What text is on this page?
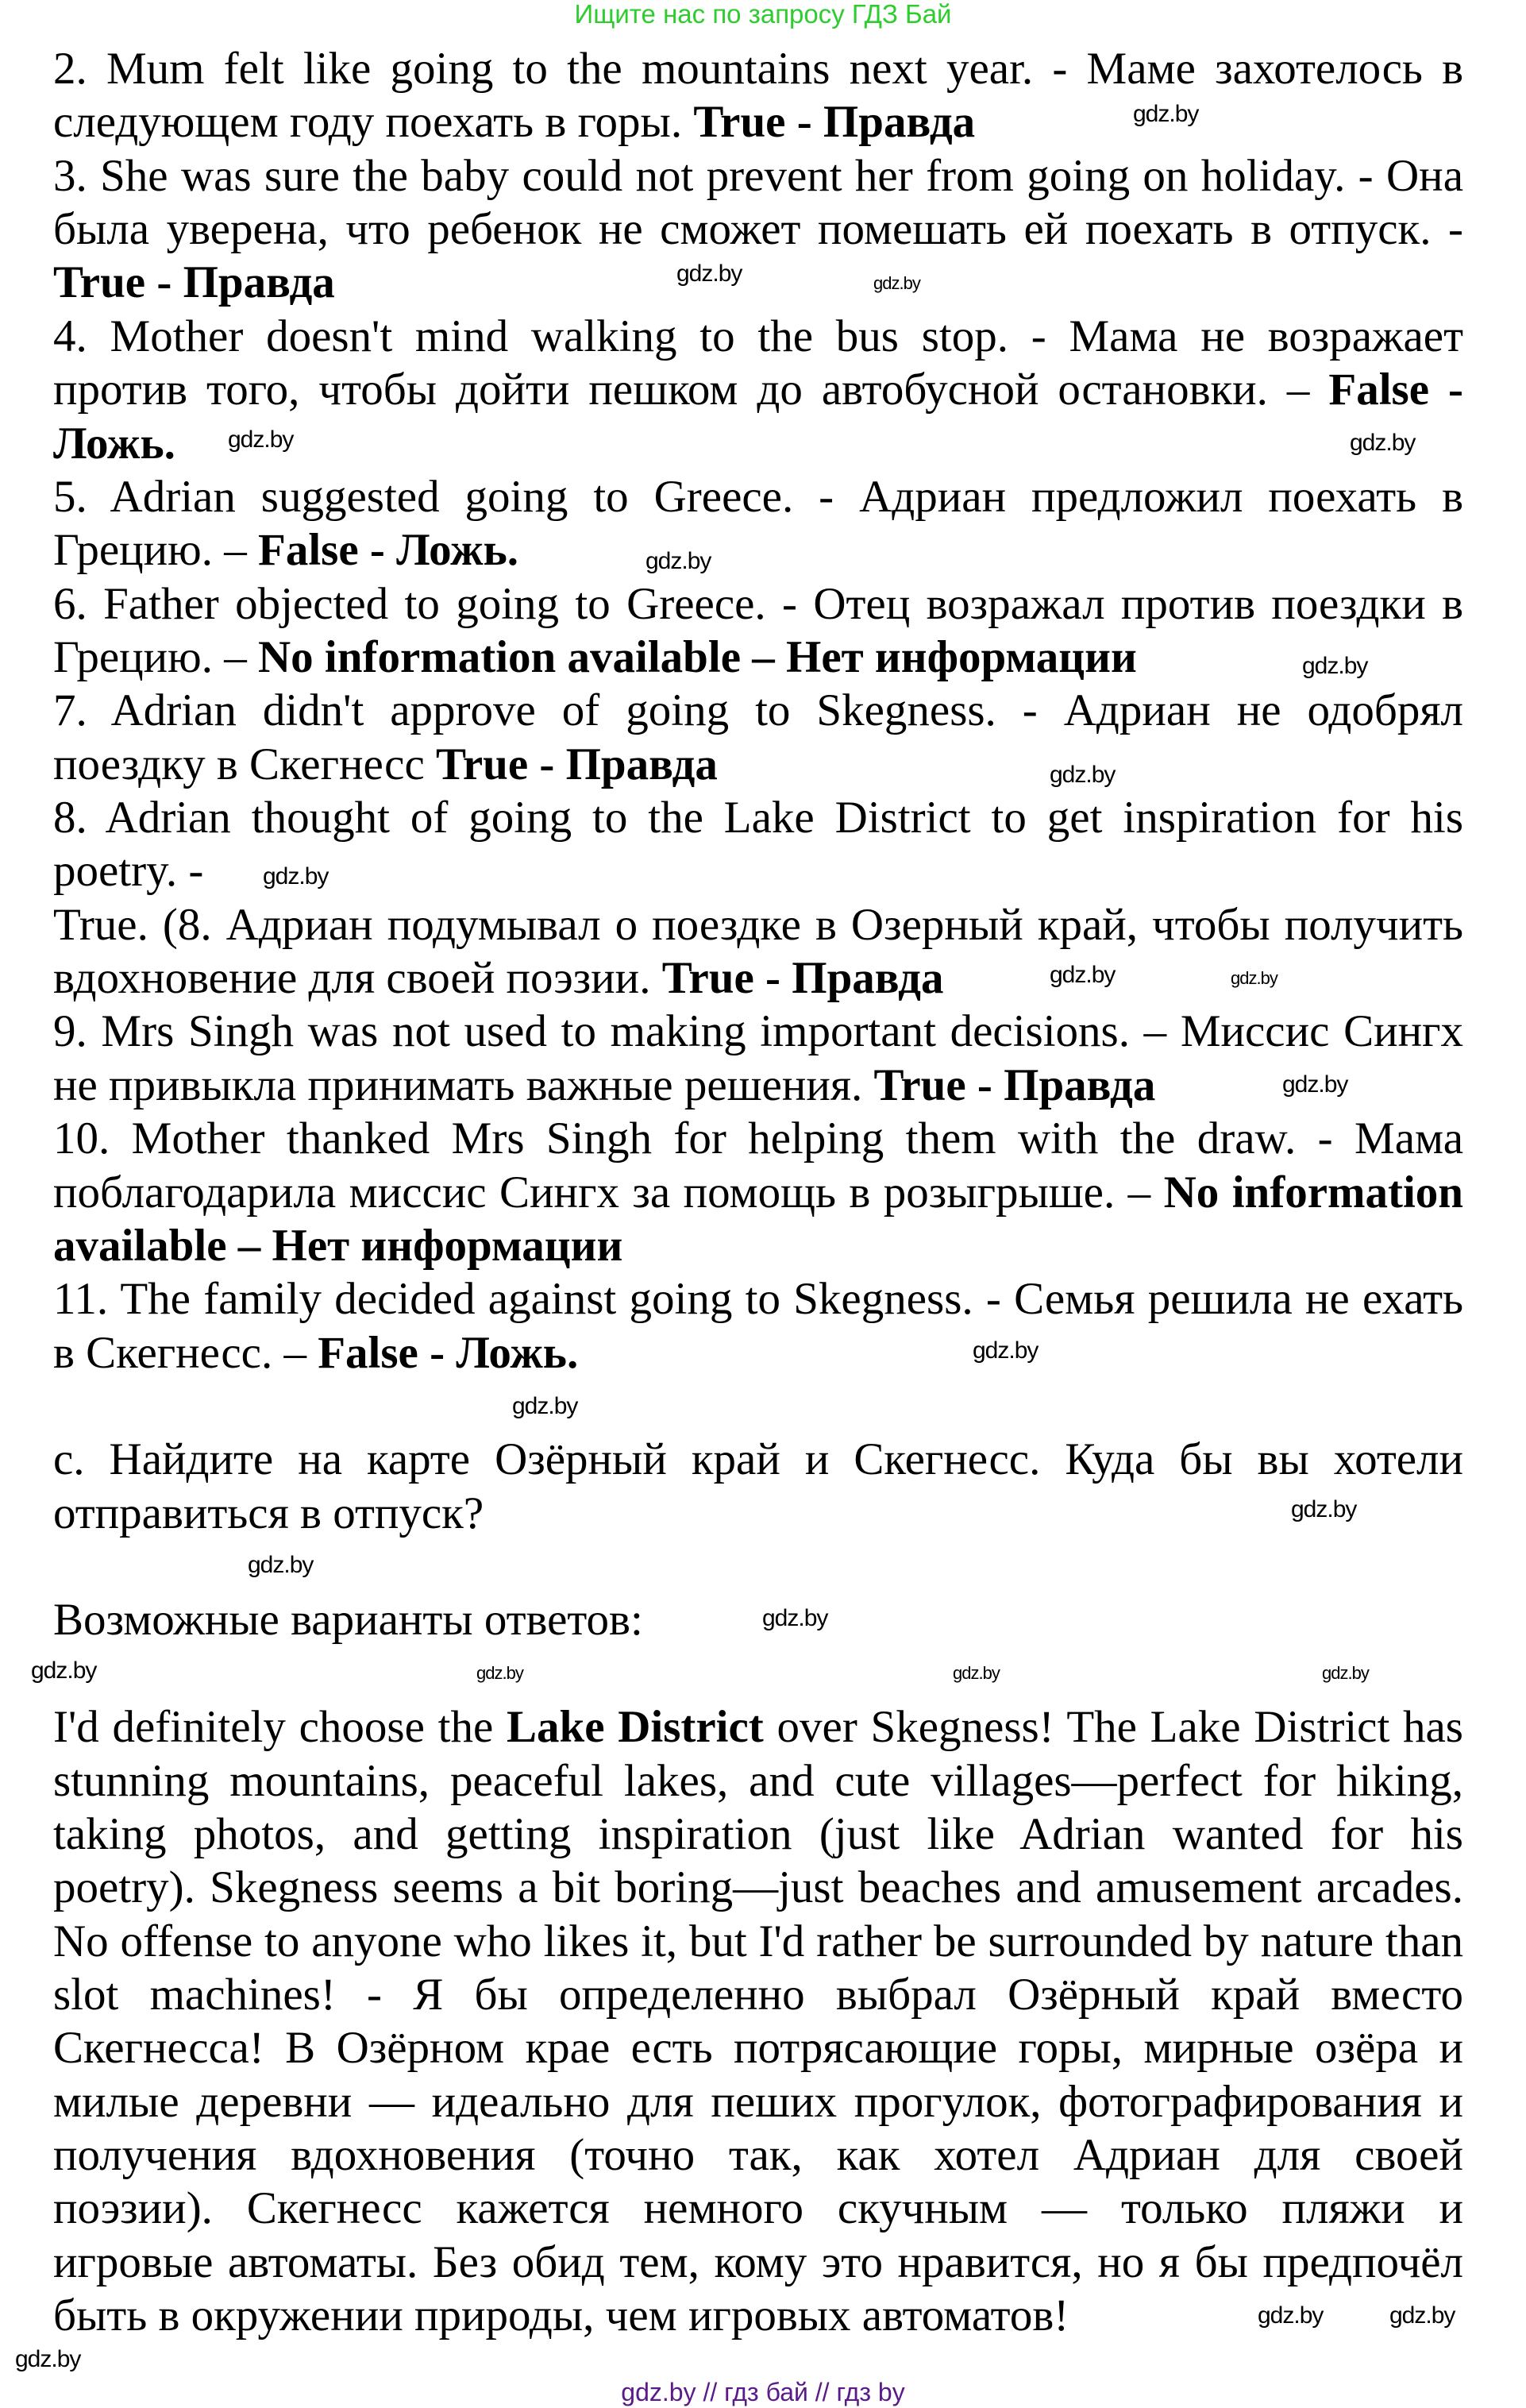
Ищите нас по запросу ГДЗ Бай
2. Mum felt like going to the mountains next year. - Маме захотелось в
следующем году поехать в горы. True - Правда
3. She was sure the baby could not prevent her from going on holiday. - Она
была уверена, что ребенок не сможет помешать ей поехать в отпуск. -
True - Правда
4. Mother doesn't mind walking to the bus stop. - Мама не возражает
против того, чтобы дойти пешком до автобусной остановки. – False -
Ложь.
5. Adrian suggested going to Greece. - Адриан предложил поехать в
Грецию. – False - Ложь.
6. Father objected to going to Greece. - Отец возражал против поездки в
Грецию. – No information available – Нет информации
7. Adrian didn't approve of going to Skegness. - Адриан не одобрял
поездку в Скегнесс True - Правда
8. Adrian thought of going to the Lake District to get inspiration for his
poetry. -
True. (8. Адриан подумывал о поездке в Озерный край, чтобы получить
вдохновение для своей поэзии. True - Правда
9. Mrs Singh was not used to making important decisions. – Миссис Сингх
не привыкла принимать важные решения. True - Правда
10. Mother thanked Mrs Singh for helping them with the draw. - Мама
поблагодарила миссис Сингх за помощь в розыгрыше. – No information
available – Нет информации
11. The family decided against going to Skegness. - Семья решила не ехать
в Скегнесс. – False - Ложь.
c. Найдите на карте Озёрный край и Скегнесс. Куда бы вы хотели
отправиться в отпуск?
Возможные варианты ответов:
I'd definitely choose the Lake District over Skegness! The Lake District has
stunning mountains, peaceful lakes, and cute villages—perfect for hiking,
taking photos, and getting inspiration (just like Adrian wanted for his
poetry). Skegness seems a bit boring—just beaches and amusement arcades.
No offense to anyone who likes it, but I'd rather be surrounded by nature than
slot machines! - Я бы определенно выбрал Озёрный край вместо
Скегнесса! В Озёрном крае есть потрясающие горы, мирные озёра и
милые деревни — идеально для пеших прогулок, фотографирования и
получения вдохновения (точно так, как хотел Адриан для своей
поэзии). Скегнесс кажется немного скучным — только пляжи и
игровые автоматы. Без обид тем, кому это нравится, но я бы предпочёл
быть в окружении природы, чем игровых автоматов!
gdz.by
gdz.by
gdz.by
gdz.by
gdz.by
gdz.by
gdz.by
gdz.by
gdz.by
gdz.by	gdz.by
gdz.by
gdz.by
gdz.by
gdz.by
gdz.by
gdz.by
gdz.by	gdz.by
gdz.by
gdz.by
gdz.by
gdz.by
gdz.by
gdz.by // гдз бай // гдз by
